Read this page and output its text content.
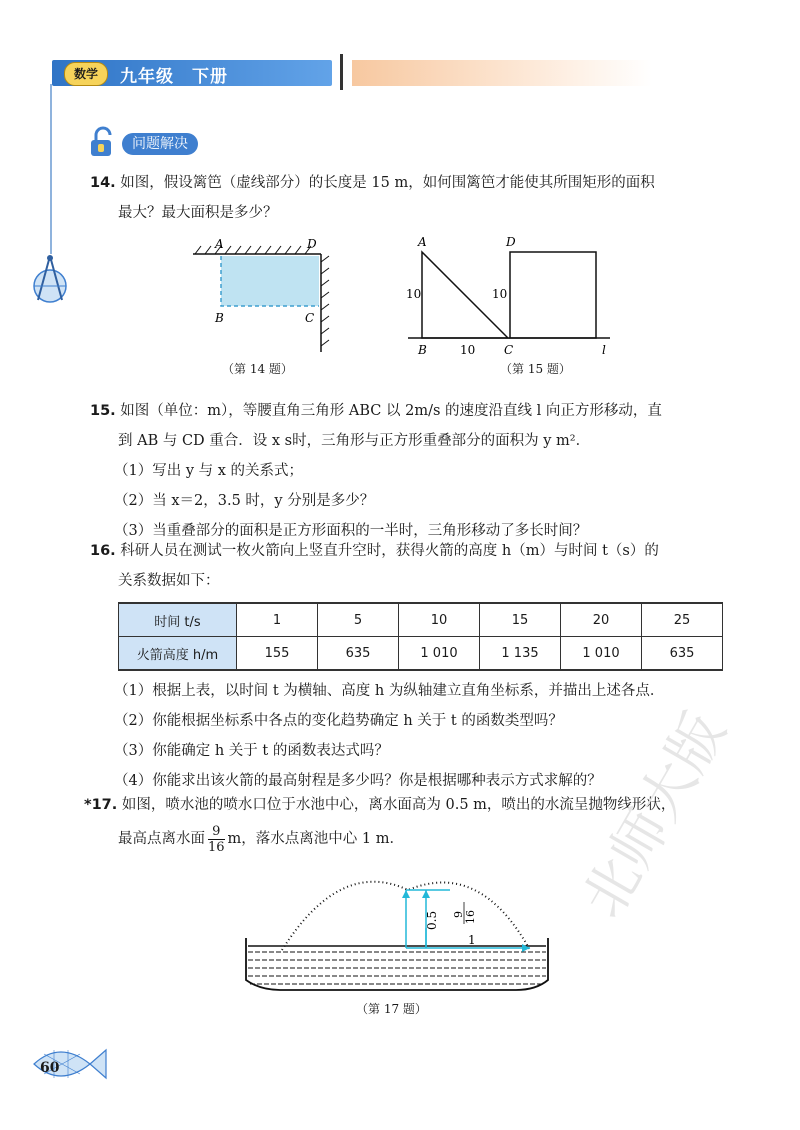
数学	九年级　下册
问题解决
14. 如图，假设篱笆（虚线部分）的长度是 15 m，如何围篱笆才能使其所围矩形的面积
最大？最大面积是多少？
A	D
B	C
（第 14 题）
A	D
B	C	l
10	10
10
（第 15 题）
15. 如图（单位：m），等腰直角三角形 ABC 以 2m/s 的速度沿直线 l 向正方形移动，直
到 AB 与 CD 重合．设 x s时，三角形与正方形重叠部分的面积为 y m²．
（1）写出 y 与 x 的关系式；
（2）当 x＝2，3.5 时，y 分别是多少？
（3）当重叠部分的面积是正方形面积的一半时，三角形移动了多长时间？
16. 科研人员在测试一枚火箭向上竖直升空时，获得火箭的高度 h（m）与时间 t（s）的
关系数据如下：
时间 t/s	1	5	10	15	20	25
火箭高度 h/m	155	635	1 010	1 135	1 010	635
（1）根据上表，以时间 t 为横轴、高度 h 为纵轴建立直角坐标系，并描出上述各点．
（2）你能根据坐标系中各点的变化趋势确定 h 关于 t 的函数类型吗？
（3）你能确定 h 关于 t 的函数表达式吗？
（4）你能求出该火箭的最高射程是多少吗？你是根据哪种表示方式求解的？
*17. 如图，喷水池的喷水口位于水池中心，离水面高为 0.5 m，喷出的水流呈抛物线形状，
最高点离水面 $\frac{9}{16}$ m，落水点离池中心 1 m．
0.5 9 16
1
（第 17 题）
60
北师大版
